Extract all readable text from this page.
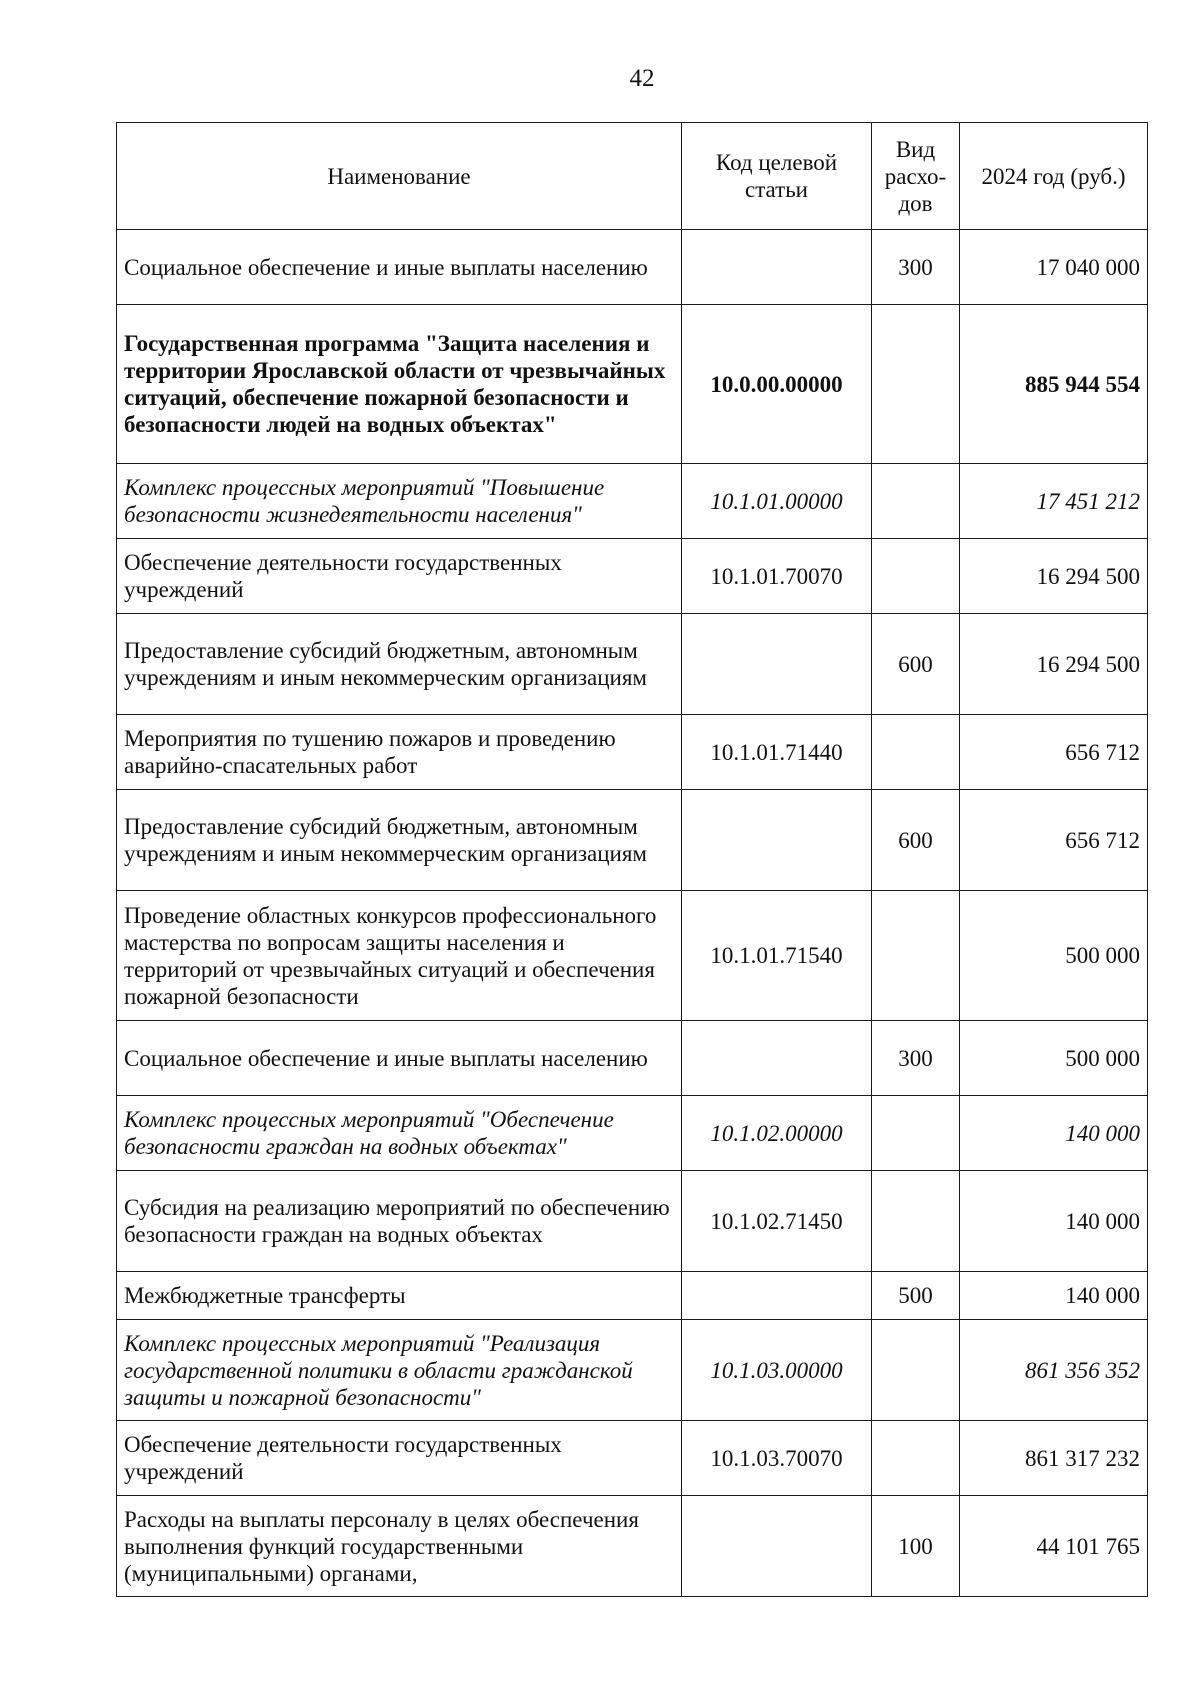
42
Наименование	Код целевой статьи	Вид расхо-дов	2024 год (руб.)
Социальное обеспечение и иные выплаты населению		300	17 040 000
Государственная программа "Защита населения и территории Ярославской области от чрезвычайных ситуаций, обеспечение пожарной безопасности и безопасности людей на водных объектах"	10.0.00.00000		885 944 554
Комплекс процессных мероприятий "Повышение безопасности жизнедеятельности населения"	10.1.01.00000		17 451 212
Обеспечение деятельности государственных учреждений	10.1.01.70070		16 294 500
Предоставление субсидий бюджетным, автономным учреждениям и иным некоммерческим организациям		600	16 294 500
Мероприятия по тушению пожаров и проведению аварийно-спасательных работ	10.1.01.71440		656 712
Предоставление субсидий бюджетным, автономным учреждениям и иным некоммерческим организациям		600	656 712
Проведение областных конкурсов профессионального мастерства по вопросам защиты населения и территорий от чрезвычайных ситуаций и обеспечения пожарной безопасности	10.1.01.71540		500 000
Социальное обеспечение и иные выплаты населению		300	500 000
Комплекс процессных мероприятий "Обеспечение безопасности граждан на водных объектах"	10.1.02.00000		140 000
Субсидия на реализацию мероприятий по обеспечению безопасности граждан на водных объектах	10.1.02.71450		140 000
Межбюджетные трансферты		500	140 000
Комплекс процессных мероприятий "Реализация государственной политики в области гражданской защиты и пожарной безопасности"	10.1.03.00000		861 356 352
Обеспечение деятельности государственных учреждений	10.1.03.70070		861 317 232
Расходы на выплаты персоналу в целях обеспечения выполнения функций государственными (муниципальными) органами,		100	44 101 765
